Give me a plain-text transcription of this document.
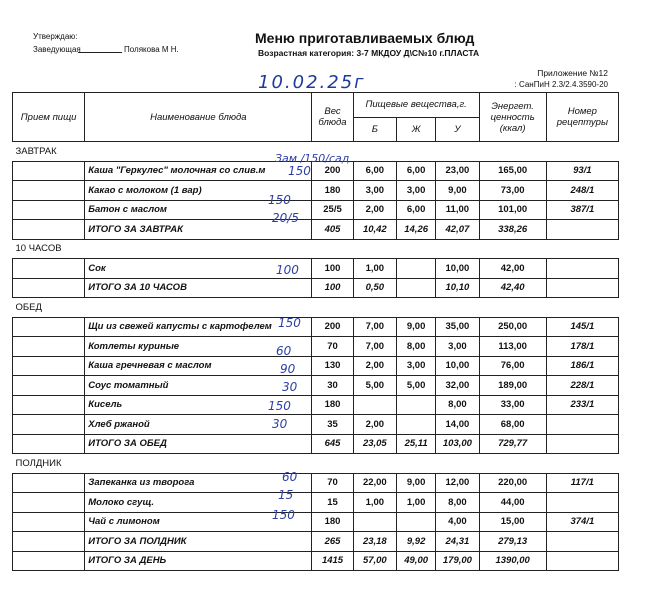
Утверждаю:
Заведующая	Полякова М Н.
Меню приготавливаемых блюд
Возрастная категория: 3-7 МКДОУ Д\С№10 г.ПЛАСТА
Приложение №12
: СанПиН 2.3/2.4.3590-20
10.02.25г
Прием пищи	Наименование блюда	Вес блюда	Пищевые вещества,г.			Энергет. ценность (ккал)	Номер рецептуры
			Б	Ж	У		
ЗАВТРАК							
	Каша "Геркулес" молочная со слив.м	200	6,00	6,00	23,00	165,00	93/1
	Какао с молоком (1 вар)	180	3,00	3,00	9,00	73,00	248/1
	Батон с маслом	25/5	2,00	6,00	11,00	101,00	387/1
	ИТОГО ЗА ЗАВТРАК	405	10,42	14,26	42,07	338,26	
10 ЧАСОВ							
	Сок	100	1,00		10,00	42,00	
	ИТОГО ЗА 10 ЧАСОВ	100	0,50		10,10	42,40	
ОБЕД							
	Щи из свежей капусты с картофелем	200	7,00	9,00	35,00	250,00	145/1
	Котлеты куриные	70	7,00	8,00	3,00	113,00	178/1
	Каша гречневая с маслом	130	2,00	3,00	10,00	76,00	186/1
	Соус томатный	30	5,00	5,00	32,00	189,00	228/1
	Кисель	180			8,00	33,00	233/1
	Хлеб ржаной	35	2,00		14,00	68,00	
	ИТОГО ЗА ОБЕД	645	23,05	25,11	103,00	729,77	
ПОЛДНИК							
	Запеканка из творога	70	22,00	9,00	12,00	220,00	117/1
	Молоко сгущ.	15	1,00	1,00	8,00	44,00	
	Чай с лимоном	180			4,00	15,00	374/1
	ИТОГО ЗА ПОЛДНИК	265	23,18	9,92	24,31	279,13	
	ИТОГО ЗА ДЕНЬ	1415	57,00	49,00	179,00	1390,00	
Зам /150/сад
150
150
20/5
100
150
60
90
30
150
30
60
15
150
